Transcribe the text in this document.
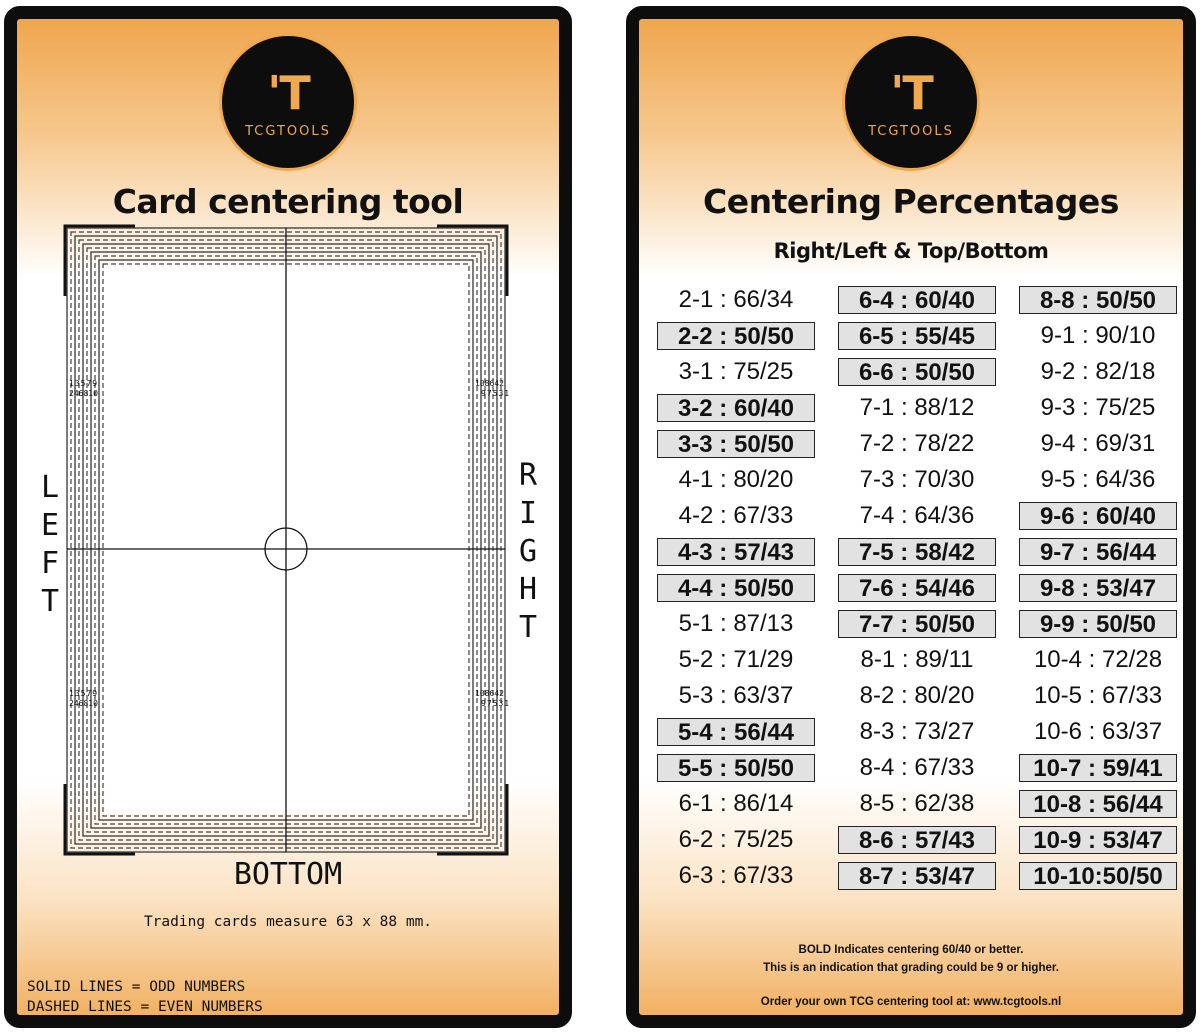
'T
TCGTOOLS
Card centering tool
13579
246810
108642
97531
13579
246810
108642
97531
LEFT
RIGHT
BOTTOM
Trading cards measure 63 x 88 mm.
SOLID LINES = ODD NUMBERS
DASHED LINES = EVEN NUMBERS
'T
TCGTOOLS
Centering Percentages
Right/Left & Top/Bottom
2-1 : 66/34	6-4 : 60/40	8-8 : 50/50
2-2 : 50/50	6-5 : 55/45	9-1 : 90/10
3-1 : 75/25	6-6 : 50/50	9-2 : 82/18
3-2 : 60/40	7-1 : 88/12	9-3 : 75/25
3-3 : 50/50	7-2 : 78/22	9-4 : 69/31
4-1 : 80/20	7-3 : 70/30	9-5 : 64/36
4-2 : 67/33	7-4 : 64/36	9-6 : 60/40
4-3 : 57/43	7-5 : 58/42	9-7 : 56/44
4-4 : 50/50	7-6 : 54/46	9-8 : 53/47
5-1 : 87/13	7-7 : 50/50	9-9 : 50/50
5-2 : 71/29	8-1 : 89/11	10-4 : 72/28
5-3 : 63/37	8-2 : 80/20	10-5 : 67/33
5-4 : 56/44	8-3 : 73/27	10-6 : 63/37
5-5 : 50/50	8-4 : 67/33	10-7 : 59/41
6-1 : 86/14	8-5 : 62/38	10-8 : 56/44
6-2 : 75/25	8-6 : 57/43	10-9 : 53/47
6-3 : 67/33	8-7 : 53/47	10-10:50/50
BOLD Indicates centering 60/40 or better.
This is an indication that grading could be 9 or higher.
Order your own TCG centering tool at: www.tcgtools.nl
